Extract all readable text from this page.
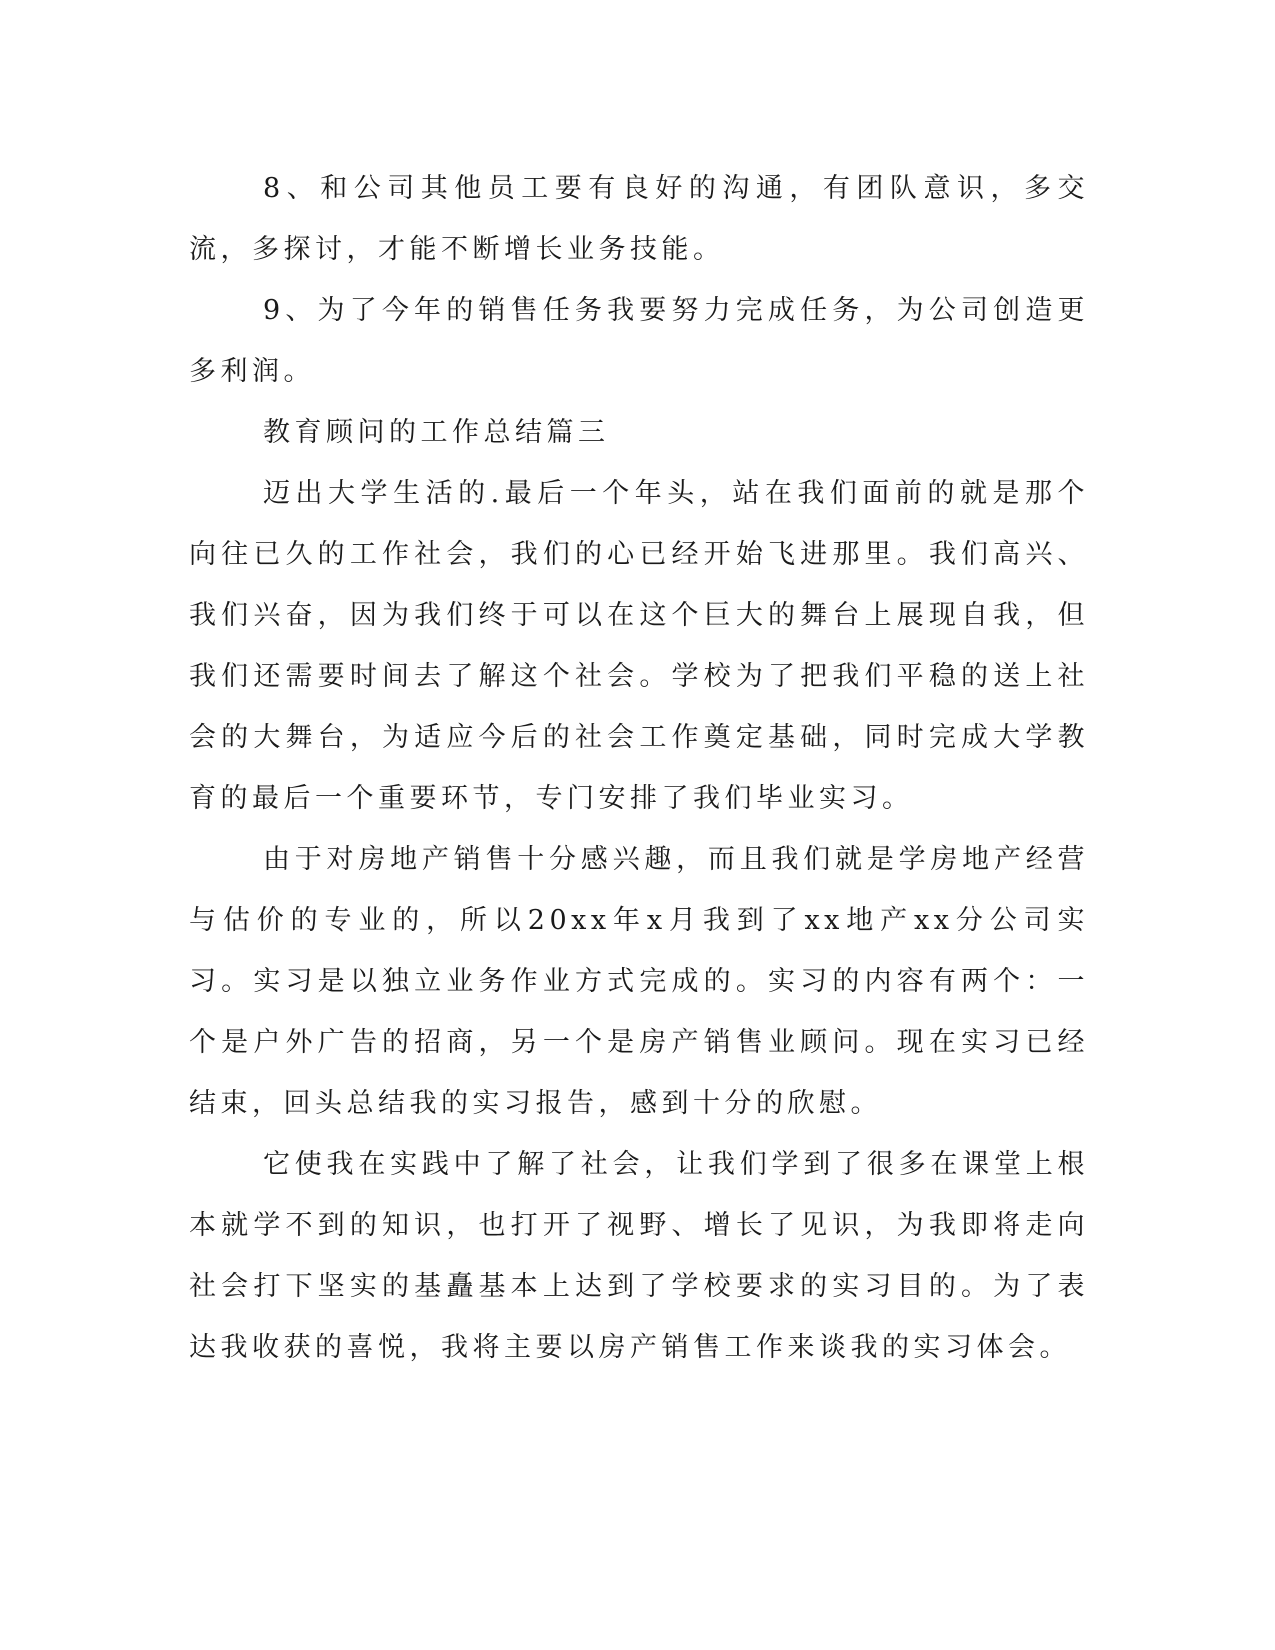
8、和公司其他员工要有良好的沟通，有团队意识，多交流，多探讨，才能不断增长业务技能。

9、为了今年的销售任务我要努力完成任务，为公司创造更多利润。

教育顾问的工作总结篇三

迈出大学生活的.最后一个年头，站在我们面前的就是那个向往已久的工作社会，我们的心已经开始飞进那里。我们高兴、我们兴奋，因为我们终于可以在这个巨大的舞台上展现自我，但我们还需要时间去了解这个社会。学校为了把我们平稳的送上社会的大舞台，为适应今后的社会工作奠定基础，同时完成大学教育的最后一个重要环节，专门安排了我们毕业实习。

由于对房地产销售十分感兴趣，而且我们就是学房地产经营与估价的专业的，所以20xx年x月我到了xx地产xx分公司实习。实习是以独立业务作业方式完成的。实习的内容有两个：一个是户外广告的招商，另一个是房产销售业顾问。现在实习已经结束，回头总结我的实习报告，感到十分的欣慰。

它使我在实践中了解了社会，让我们学到了很多在课堂上根本就学不到的知识，也打开了视野、增长了见识，为我即将走向社会打下坚实的基矗基本上达到了学校要求的实习目的。为了表达我收获的喜悦，我将主要以房产销售工作来谈我的实习体会。
